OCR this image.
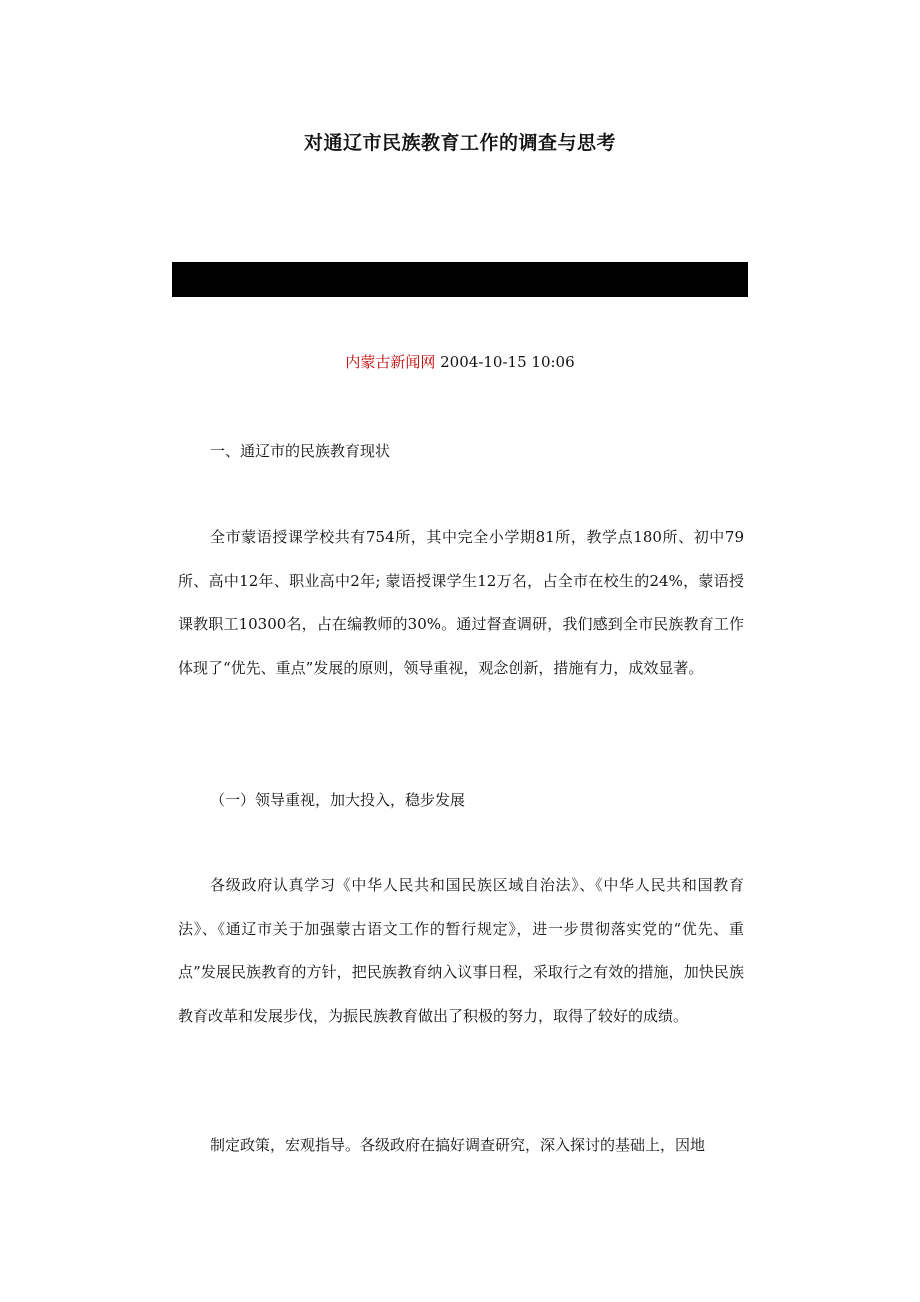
对通辽市民族教育工作的调查与思考
内蒙古新闻网 2004-10-15 10:06
一、通辽市的民族教育现状

全市蒙语授课学校共有754所，其中完全小学期81所，教学点180所、初中79所、高中12年、职业高中2年; 蒙语授课学生12万名，占全市在校生的24%，蒙语授课教职工10300名，占在编教师的30%。通过督查调研，我们感到全市民族教育工作体现了“优先、重点”发展的原则，领导重视，观念创新，措施有力，成效显著。

（一）领导重视，加大投入，稳步发展

各级政府认真学习《中华人民共和国民族区域自治法》、《中华人民共和国教育法》、《通辽市关于加强蒙古语文工作的暂行规定》，进一步贯彻落实党的“优先、重点”发展民族教育的方针，把民族教育纳入议事日程，采取行之有效的措施，加快民族教育改革和发展步伐，为振民族教育做出了积极的努力，取得了较好的成绩。

制定政策，宏观指导。各级政府在搞好调查研究，深入探讨的基础上，因地
